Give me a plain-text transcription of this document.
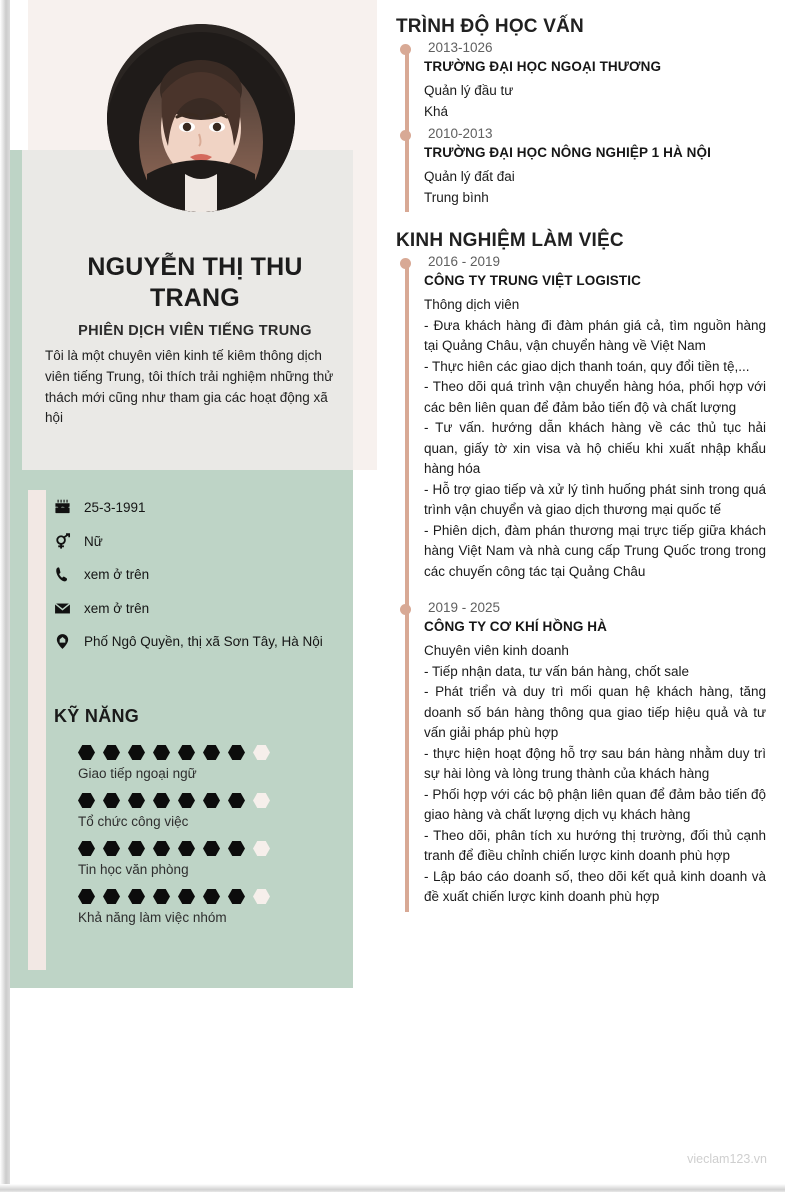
NGUYỄN THỊ THU TRANG
PHIÊN DỊCH VIÊN TIẾNG TRUNG
Tôi là một chuyên viên kinh tế kiêm thông dịch viên tiếng Trung, tôi thích trải nghiệm những thử thách mới cũng như tham gia các hoạt động xã hội
25-3-1991
Nữ
xem ở trên
xem ở trên
Phố Ngô Quyền, thị xã Sơn Tây, Hà Nội
KỸ NĂNG
Giao tiếp ngoại ngữ
Tổ chức công việc
Tin học văn phòng
Khả năng làm việc nhóm
TRÌNH ĐỘ HỌC VẤN
2013-1026
TRƯỜNG ĐẠI HỌC NGOẠI THƯƠNG
Quản lý đầu tư
Khá
2010-2013
TRƯỜNG ĐẠI HỌC NÔNG NGHIỆP 1 HÀ NỘI
Quản lý đất đai
Trung bình
KINH NGHIỆM LÀM VIỆC
2016 - 2019
CÔNG TY TRUNG VIỆT LOGISTIC
Thông dịch viên
- Đưa khách hàng đi đàm phán giá cả, tìm nguồn hàng tại Quảng Châu, vận chuyển hàng về Việt Nam
- Thực hiên các giao dịch thanh toán, quy đổi tiền tệ,...
- Theo dõi quá trình vận chuyển hàng hóa, phối hợp với các bên liên quan để đảm bảo tiến độ và chất lượng
- Tư vấn. hướng dẫn khách hàng về các thủ tục hải quan, giấy tờ xin visa và hộ chiếu khi xuất nhập khẩu hàng hóa
- Hỗ trợ giao tiếp và xử lý tình huống phát sinh trong quá trình vận chuyển và giao dịch thương mại quốc tế
- Phiên dịch, đàm phán thương mại trực tiếp giữa khách hàng Việt Nam và nhà cung cấp Trung Quốc trong trong các chuyến công tác tại Quảng Châu
2019 - 2025
CÔNG TY CƠ KHÍ HỒNG HÀ
Chuyên viên kinh doanh
- Tiếp nhận data, tư vấn bán hàng, chốt sale
- Phát triển và duy trì mối quan hệ khách hàng, tăng doanh số bán hàng thông qua giao tiếp hiệu quả và tư vấn giải pháp phù hợp
- thực hiện hoạt động hỗ trợ sau bán hàng nhằm duy trì sự hài lòng và lòng trung thành của khách hàng
- Phối hợp với các bộ phận liên quan để đảm bảo tiến độ giao hàng và chất lượng dịch vụ khách hàng
- Theo dõi, phân tích xu hướng thị trường, đối thủ cạnh tranh để điều chỉnh chiến lược kinh doanh phù hợp
- Lập báo cáo doanh số, theo dõi kết quả kinh doanh và đề xuất chiến lược kinh doanh phù hợp
vieclam123.vn
